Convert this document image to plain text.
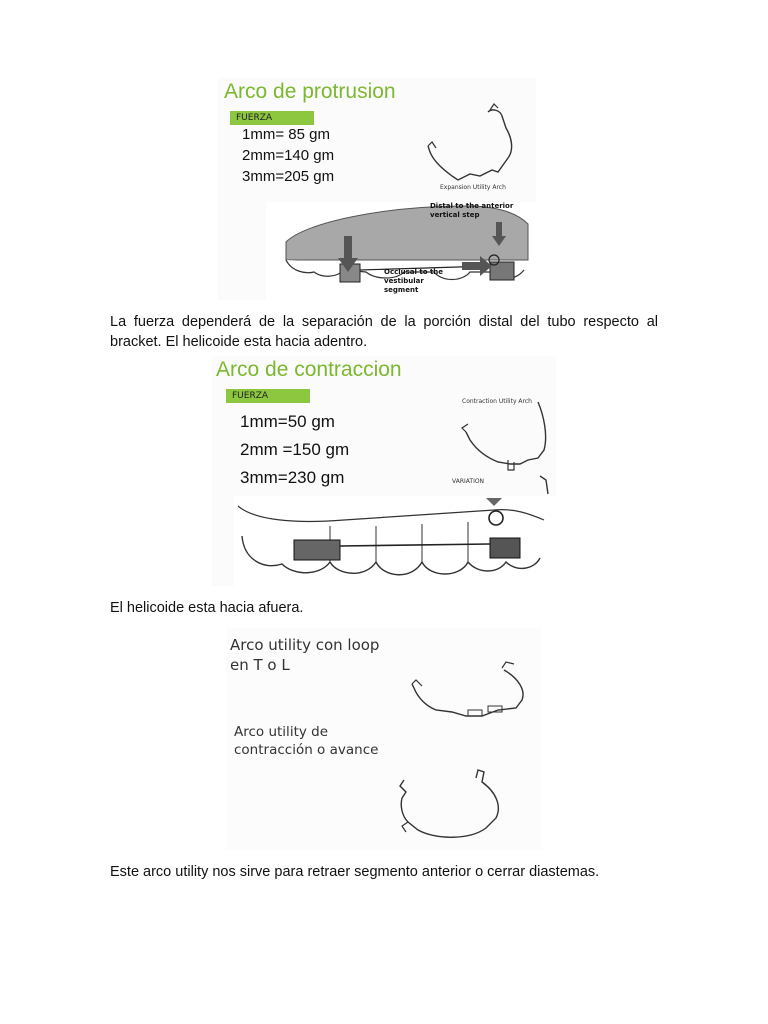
Arco de protrusion
FUERZA
1mm= 85 gm
2mm=140 gm
3mm=205 gm
Expansion Utility Arch
Distal to the anterior vertical step
Occlusal to the vestibular segment
La fuerza dependerá de la separación de la porción distal del tubo respecto al bracket. El helicoide esta hacia adentro.
Arco de contraccion
FUERZA
1mm=50 gm
2mm =150 gm
3mm=230 gm
Contraction Utility Arch
VARIATION
El helicoide esta hacia afuera.
Arco utility con loop en T o L
Arco utility de contracción o avance
Este arco utility nos sirve para retraer segmento anterior o cerrar diastemas.
